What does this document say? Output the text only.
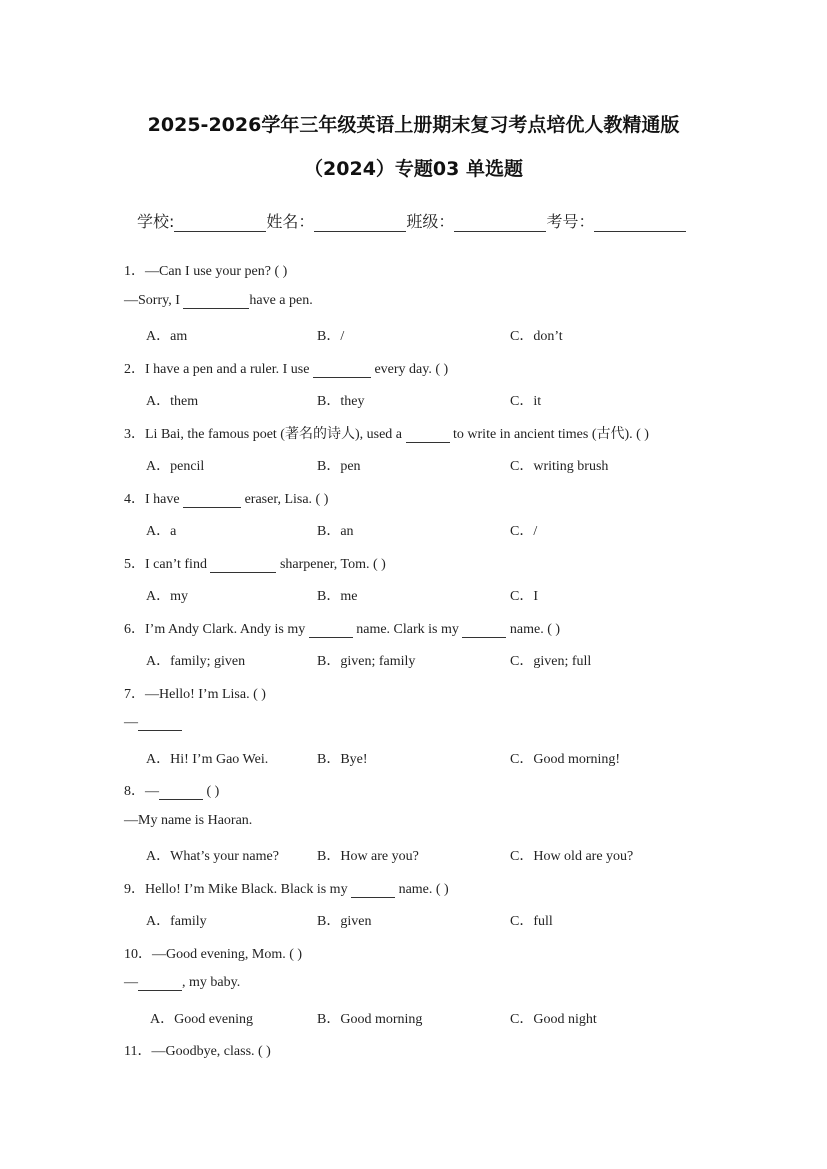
2025-2026学年三年级英语上册期末复习考点培优人教精通版
（2024）专题03 单选题
学校:	姓名：	班级：	考号：
1．—Can I use your pen? ( )
—Sorry, I	have a pen.
A．am	B．/	C．don’t
2．I have a pen and a ruler. I use	every day. ( )
A．them	B．they	C．it
3．Li Bai, the famous poet (著名的诗人), used a	to write in ancient times (古代). ( )
A．pencil	B．pen	C．writing brush
4．I have	eraser, Lisa. ( )
A．a	B．an	C．/
5．I can’t find	sharpener, Tom. ( )
A．my	B．me	C．I
6．I’m Andy Clark. Andy is my	name. Clark is my	name. ( )
A．family; given	B．given; family	C．given; full
7．—Hello! I’m Lisa. ( )
—
A．Hi! I’m Gao Wei.	B．Bye!	C．Good morning!
8．—	( )
—My name is Haoran.
A．What’s your name?	B．How are you?	C．How old are you?
9．Hello! I’m Mike Black. Black is my	name. ( )
A．family	B．given	C．full
10．—Good evening, Mom. ( )
—	, my baby.
A．Good evening	B．Good morning	C．Good night
11．—Goodbye, class. ( )
